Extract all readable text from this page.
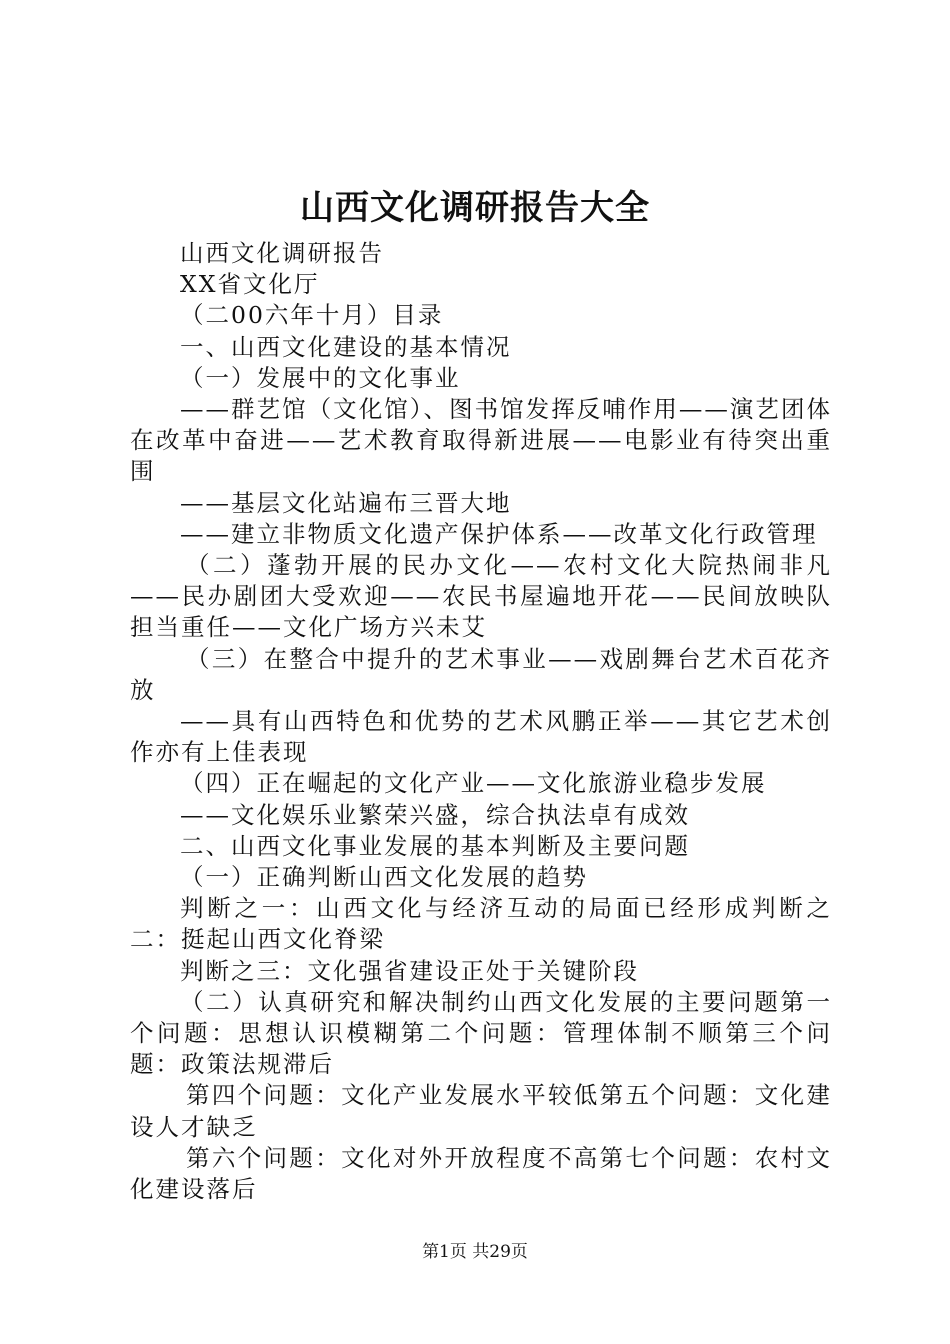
山西文化调研报告大全

山西文化调研报告

XX省文化厅

（二00六年十月）目录

一、山西文化建设的基本情况

（一）发展中的文化事业

——群艺馆（文化馆）、图书馆发挥反哺作用——演艺团体在改革中奋进——艺术教育取得新进展——电影业有待突出重围

——基层文化站遍布三晋大地

——建立非物质文化遗产保护体系——改革文化行政管理

（二）蓬勃开展的民办文化——农村文化大院热闹非凡——民办剧团大受欢迎——农民书屋遍地开花——民间放映队担当重任——文化广场方兴未艾

（三）在整合中提升的艺术事业——戏剧舞台艺术百花齐放

——具有山西特色和优势的艺术风鹏正举——其它艺术创作亦有上佳表现

（四）正在崛起的文化产业——文化旅游业稳步发展

——文化娱乐业繁荣兴盛，综合执法卓有成效

二、山西文化事业发展的基本判断及主要问题

（一）正确判断山西文化发展的趋势

判断之一：山西文化与经济互动的局面已经形成判断之二：挺起山西文化脊梁

判断之三：文化强省建设正处于关键阶段

（二）认真研究和解决制约山西文化发展的主要问题第一个问题：思想认识模糊第二个问题：管理体制不顺第三个问题：政策法规滞后

第四个问题：文化产业发展水平较低第五个问题：文化建设人才缺乏

第六个问题：文化对外开放程度不高第七个问题：农村文化建设落后

第1页 共29页
